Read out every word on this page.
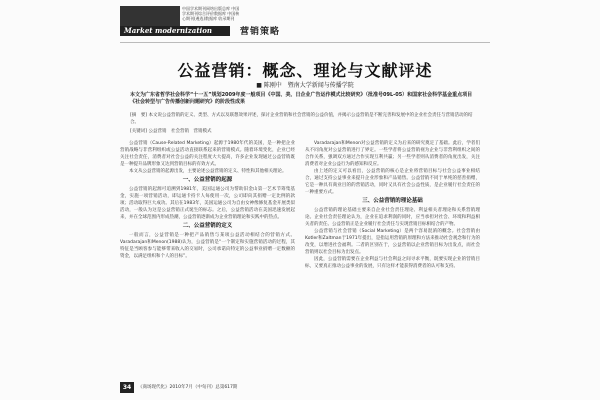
中国学术期刊网络出版总库 中国学术期刊综合评价数据库 中国核心期刊(遴选)数据库 收录期刊
Market modernization	营销策略
公益营销：概念、理论与文献评述
■ 陈刚中　暨南大学新闻与传播学院
本文为广东省哲学社会科学“十一五”规划2009年度一般项目《中国、美、日企业广告运作模式比较研究》（批准号09L-05）和国家社会科学基金重点项目《社会转型与广告传播创新问题研究》的阶段性成果
[摘　要] 本文说公益营销的定义、类型、方式以及联想效果评述，探讨企业营销和社会营销的公益价值，并揭示公益营销是不断完善和发展中的企业社会责任与营销活动的结合。
[关键词] 公益营销　社会营销　营销模式

公益营销（Cause-Related Marketing）起源于1980年代的美国，是一种把企业营销战略与非营利组织或公益活动直接联系起来的营销模式。随着环境变化，企业已经关注社会责任，消费者对社会公益的关注程度大大提高，许多企业发现通过公益营销既是一种提升品牌形象又达到营销目标的有效方式。

本文从公益营销的起源出发，主要论述公益营销的定义、特性和其他相关理论。

一、公益营销的起源

公益营销的起源可追溯到1981年，美国运通公司为帮助旧金山第一艺术节筹集基金，实施一项营销活动，即运通卡持卡人每使用一次，公司即向其捐赠一定比例的款项；活动取得巨大成功。其后在1983年，美国运通公司为自由女神像修复基金开展类似活动，一般认为这是公益营销正式诞生的标志。之后，公益营销活动在美国迅速发展起来，并在全球范围内形成热潮，公益营销逐渐成为企业营销理论和实践中的热点。

二、公益营销的定义

一般而言，公益营销是一种把产品销售与某项公益活动相结合的营销方式。Varadarajan和Menon(1988)认为，公益营销是“一个制定和实施营销活动的过程，其特征是当顾客参与能够带来收入的交易时，公司承诺向特定的公益事业捐赠一定数额的资金，以满足组织和个人的目标”。

Varadarajan和Menon对公益营销的定义为后来的研究奠定了基础。此后，学者们从不同角度对公益营销进行了界定。一些学者将公益营销视为企业与非营利组织之间的合作关系，强调双方通过合作实现互利共赢；另一些学者则从消费者的角度出发，关注消费者对企业公益行为的感知和反应。

由上述的定义可以看出，公益营销的核心是企业将营销目标与社会公益事业相结合，通过支持公益事业来提升企业形象和产品销售。公益营销不同于单纯的慈善捐赠，它是一种具有商业目的的营销活动，同时又具有社会公益性质，是企业履行社会责任的一种重要方式。

三、公益营销的理论基础

公益营销的理论基础主要来自企业社会责任理论、利益相关者理论和关系营销理论。企业社会责任理论认为，企业在追求利润的同时，应当承担对社会、环境和利益相关者的责任。公益营销正是企业履行社会责任与实现营销目标相结合的产物。

公益营销与社会营销（Social Marketing）是两个容易混淆的概念。社会营销由Kotler和Zaltman于1971年提出，是指运用营销的原理和方法来推动社会观念和行为的改变，以增进社会福利。二者的区别在于，公益营销以企业营销目标为出发点，而社会营销则以社会目标为出发点。

因此，公益营销需要在企业利益与社会利益之间寻求平衡，既要实现企业的营销目标，又要真正推动公益事业的发展，只有这样才能获得消费者的认可和支持。

34	《商场现代化》2010年7月（中旬刊）总第617期
